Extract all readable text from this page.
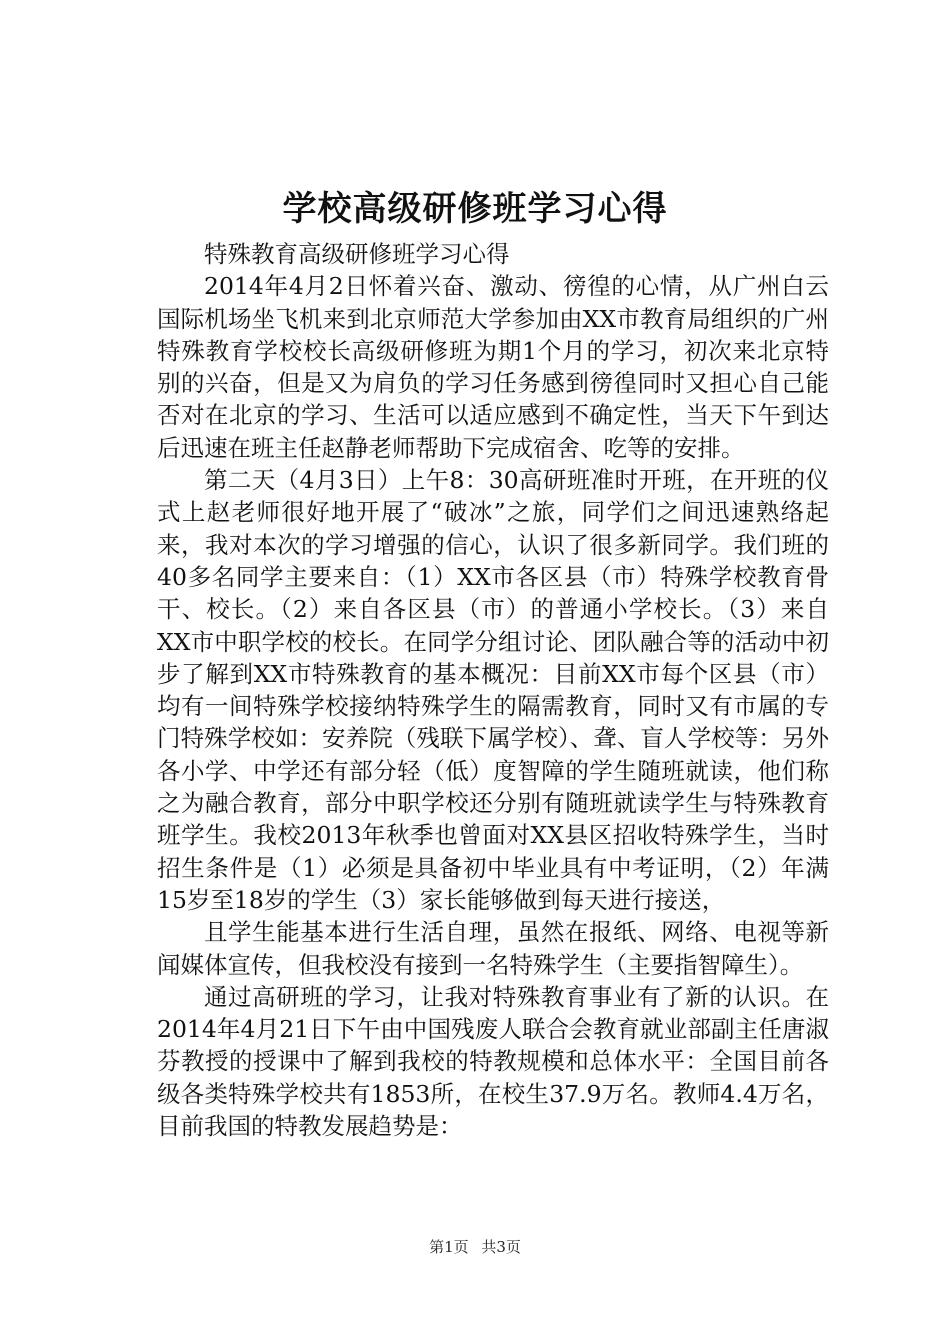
学校高级研修班学习心得

特殊教育高级研修班学习心得

2014年4月2日怀着兴奋、激动、徬徨的心情，从广州白云国际机场坐飞机来到北京师范大学参加由XX市教育局组织的广州特殊教育学校校长高级研修班为期1个月的学习，初次来北京特别的兴奋，但是又为肩负的学习任务感到徬徨同时又担心自己能否对在北京的学习、生活可以适应感到不确定性，当天下午到达后迅速在班主任赵静老师帮助下完成宿舍、吃等的安排。

第二天（4月3日）上午8：30高研班准时开班，在开班的仪式上赵老师很好地开展了“破冰”之旅，同学们之间迅速熟络起来，我对本次的学习增强的信心，认识了很多新同学。我们班的40多名同学主要来自：（1）XX市各区县（市）特殊学校教育骨干、校长。（2）来自各区县（市）的普通小学校长。（3）来自XX市中职学校的校长。在同学分组讨论、团队融合等的活动中初步了解到XX市特殊教育的基本概况：目前XX市每个区县（市）均有一间特殊学校接纳特殊学生的隔需教育，同时又有市属的专门特殊学校如：安养院（残联下属学校）、聋、盲人学校等：另外各小学、中学还有部分轻（低）度智障的学生随班就读，他们称之为融合教育，部分中职学校还分别有随班就读学生与特殊教育班学生。我校2013年秋季也曾面对XX县区招收特殊学生，当时招生条件是（1）必须是具备初中毕业具有中考证明，（2）年满15岁至18岁的学生（3）家长能够做到每天进行接送，

且学生能基本进行生活自理，虽然在报纸、网络、电视等新闻媒体宣传，但我校没有接到一名特殊学生（主要指智障生）。

通过高研班的学习，让我对特殊教育事业有了新的认识。在2014年4月21日下午由中国残废人联合会教育就业部副主任唐淑芬教授的授课中了解到我校的特教规模和总体水平：全国目前各级各类特殊学校共有1853所，在校生37.9万名。教师4.4万名，目前我国的特教发展趋势是：

第1页 共3页
